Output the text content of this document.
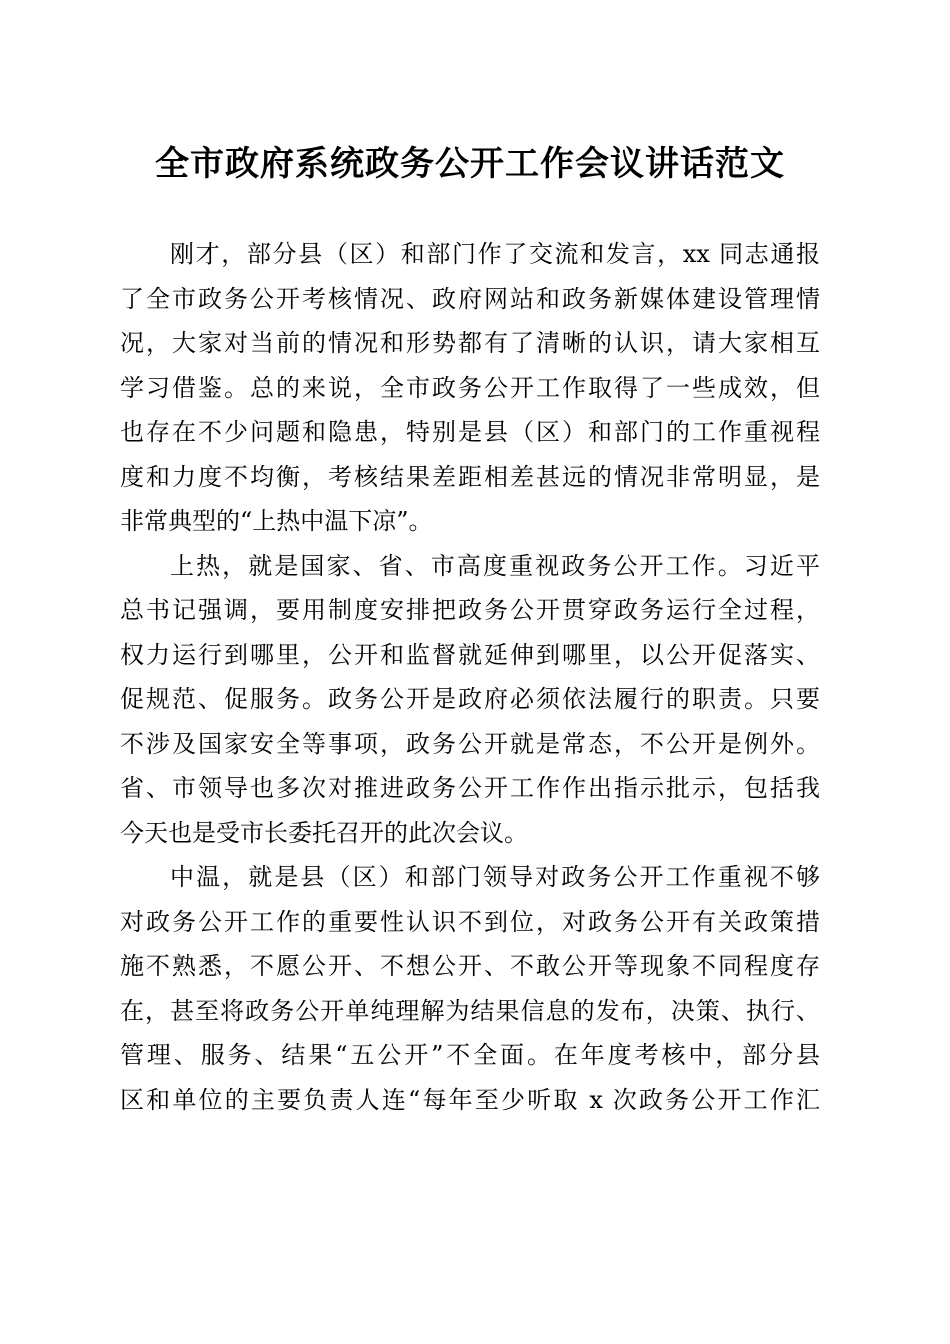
全市政府系统政务公开工作会议讲话范文
刚才，部分县（区）和部门作了交流和发言，xx 同志通报
了全市政务公开考核情况、政府网站和政务新媒体建设管理情
况，大家对当前的情况和形势都有了清晰的认识，请大家相互
学习借鉴。总的来说，全市政务公开工作取得了一些成效，但
也存在不少问题和隐患，特别是县（区）和部门的工作重视程
度和力度不均衡，考核结果差距相差甚远的情况非常明显，是
非常典型的“上热中温下凉”。
上热，就是国家、省、市高度重视政务公开工作。习近平
总书记强调，要用制度安排把政务公开贯穿政务运行全过程，
权力运行到哪里，公开和监督就延伸到哪里，以公开促落实、
促规范、促服务。政务公开是政府必须依法履行的职责。只要
不涉及国家安全等事项，政务公开就是常态，不公开是例外。
省、市领导也多次对推进政务公开工作作出指示批示，包括我
今天也是受市长委托召开的此次会议。
中温，就是县（区）和部门领导对政务公开工作重视不够
对政务公开工作的重要性认识不到位，对政务公开有关政策措
施不熟悉，不愿公开、不想公开、不敢公开等现象不同程度存
在，甚至将政务公开单纯理解为结果信息的发布，决策、执行、
管理、服务、结果“五公开”不全面。在年度考核中，部分县
区和单位的主要负责人连“每年至少听取 x 次政务公开工作汇
